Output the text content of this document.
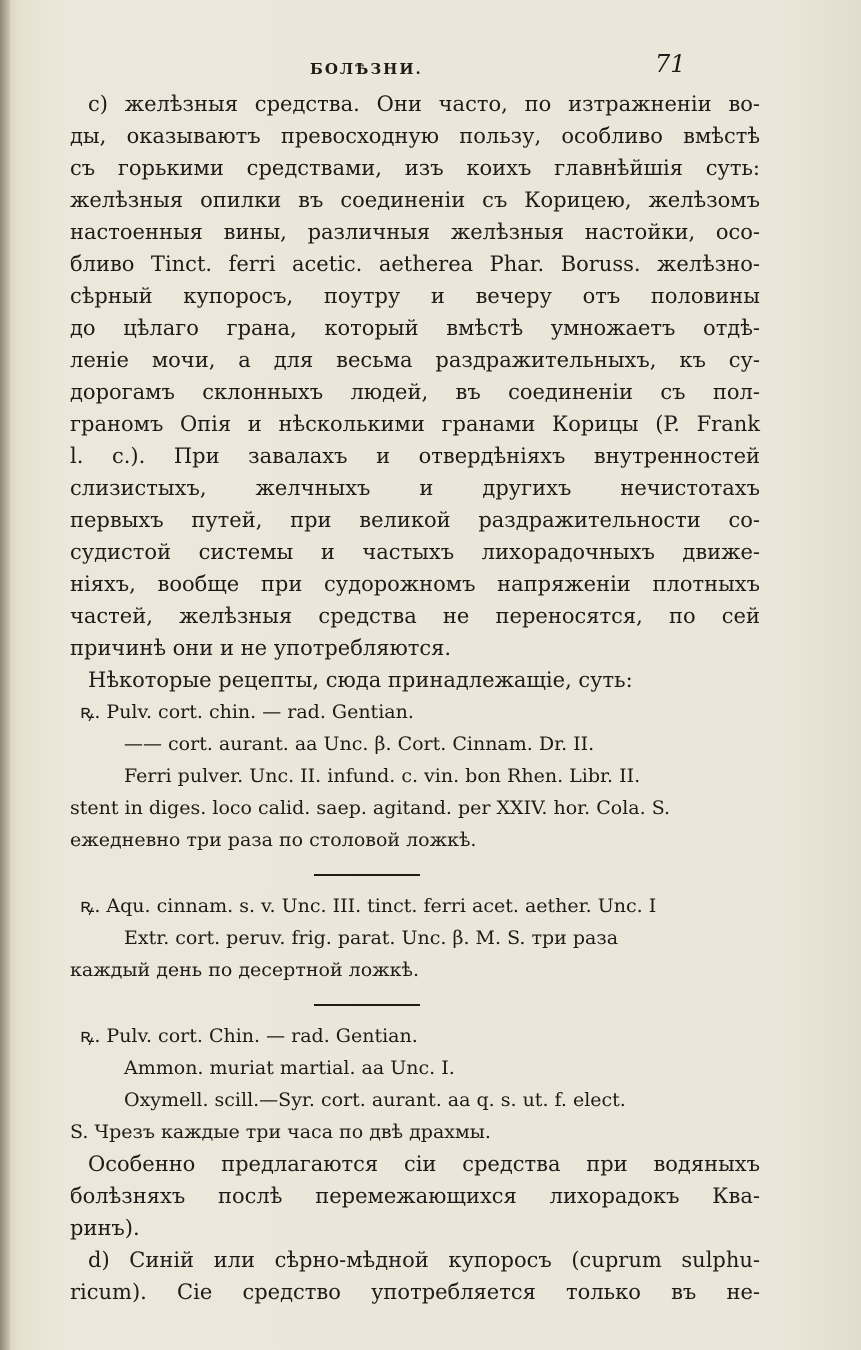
БОЛѢЗНИ.	71
c) желѣзныя средства. Они часто, по изтражненіи во-
ды, оказываютъ превосходную пользу, особливо вмѣстѣ
съ горькими средствами, изъ коихъ главнѣйшія суть:
желѣзныя опилки въ соединеніи съ Корицею, желѣзомъ
настоенныя вины, различныя желѣзныя настойки, осо-
бливо Tinct. ferri acetic. aetherea Phar. Boruss. желѣзно-
сѣрный купоросъ, поутру и вечеру отъ половины
до цѣлаго грана, который вмѣстѣ умножаетъ отдѣ-
леніе мочи, а для весьма раздражительныхъ, къ су-
дорогамъ склонныхъ людей, въ соединеніи съ пол-
граномъ Опія и нѣсколькими гранами Корицы (P. Frank
l. c.). При завалахъ и отвердѣніяхъ внутренностей
слизистыхъ, желчныхъ и другихъ нечистотахъ
первыхъ путей, при великой раздражительности со-
судистой системы и частыхъ лихорадочныхъ движе-
ніяхъ, вообще при судорожномъ напряженіи плотныхъ
частей, желѣзныя средства не переносятся, по сей
причинѣ они и не употребляются.
Нѣкоторые рецепты, сюда принадлежащіе, суть:
ꝶ. Pulv. cort. chin. — rad. Gentian.
—— cort. aurant. aa Unc. β. Cort. Cinnam. Dr. II.
Ferri pulver. Unc. II. infund. c. vin. bon Rhen. Libr. II.
stent in diges. loco calid. saep. agitand. per XXIV. hor. Cola. S.
ежедневно три раза по столовой ложкѣ.
ꝶ. Aqu. cinnam. s. v. Unc. III. tinct. ferri acet. aether. Unc. I
Extr. cort. peruv. frig. parat. Unc. β. M. S. три раза
каждый день по десертной ложкѣ.
ꝶ. Pulv. cort. Chin. — rad. Gentian.
Ammon. muriat martial. aa Unc. I.
Oxymell. scill.—Syr. cort. aurant. aa q. s. ut. f. elect.
S. Чрезъ каждые три часа по двѣ драхмы.
Особенно предлагаются сіи средства при водяныхъ
болѣзняхъ послѣ перемежающихся лихорадокъ Ква-
ринъ).
d) Синій или сѣрно-мѣдной купоросъ (cuprum sulphu-
ricum). Сіе средство употребляется только въ не-
